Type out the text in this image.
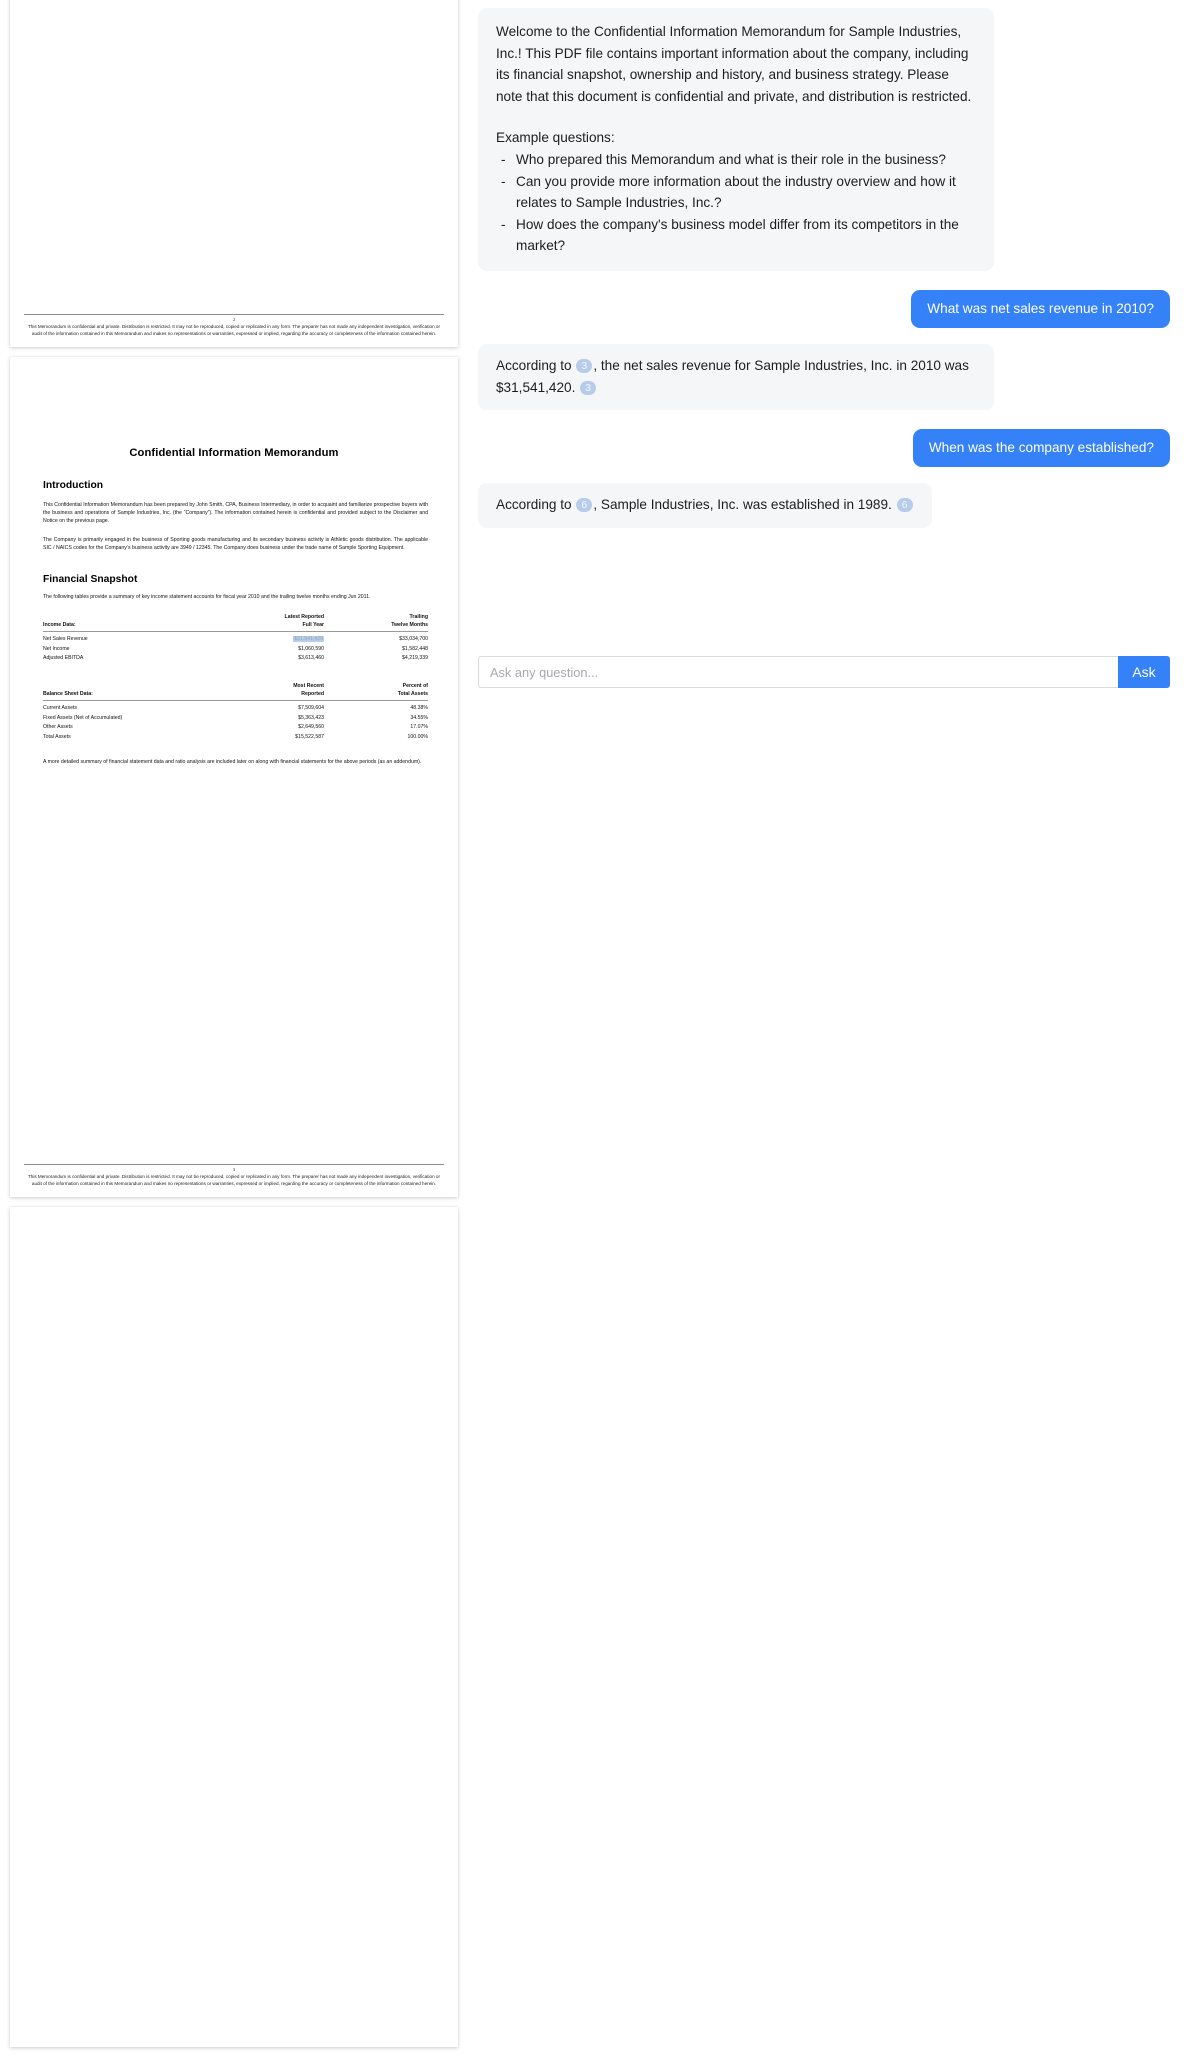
2
This Memorandum is confidential and private. Distribution is restricted. It may not be reproduced, copied or replicated in any form. The preparer has not made any independent investigation, verification or audit of the information contained in this Memorandum and makes no representations or warranties, expressed or implied, regarding the accuracy or completeness of the information contained herein.
Confidential Information Memorandum
Introduction

This Confidential Information Memorandum has been prepared by John Smith, CPA, Business Intermediary, in order to acquaint and familiarize prospective buyers with the business and operations of Sample Industries, Inc. (the “Company”). The information contained herein is confidential and provided subject to the Disclaimer and Notice on the previous page.

The Company is primarily engaged in the business of Sporting goods manufacturing and its secondary business activity is Athletic goods distribution. The applicable SIC / NAICS codes for the Company’s business activity are 3949 / 12345. The Company does business under the trade name of Sample Sporting Equipment.

Financial Snapshot

The following tables provide a summary of key income statement accounts for fiscal year 2010 and the trailing twelve months ending Jun 2011.

	Latest Reported	Trailing
Income Data:	Full Year	Twelve Months
Net Sales Revenue	$31,541,420	$33,034,700
Net Income	$1,060,590	$1,582,448
Adjusted EBITDA	$3,613,460	$4,219,339
	Most Recent	Percent of
Balance Sheet Data:	Reported	Total Assets
Current Assets	$7,509,604	48.38%
Fixed Assets (Net of Accumulated)	$5,363,423	34.55%
Other Assets	$2,649,560	17.07%
Total Assets	$15,522,587	100.00%

A more detailed summary of financial statement data and ratio analysis are included later on along with financial statements for the above periods (as an addendum).

3
This Memorandum is confidential and private. Distribution is restricted. It may not be reproduced, copied or replicated in any form. The preparer has not made any independent investigation, verification or audit of the information contained in this Memorandum and makes no representations or warranties, expressed or implied, regarding the accuracy or completeness of the information contained herein.
Welcome to the Confidential Information Memorandum for Sample Industries, Inc.! This PDF file contains important information about the company, including its financial snapshot, ownership and history, and business strategy. Please note that this document is confidential and private, and distribution is restricted.
Example questions:
- Who prepared this Memorandum and what is their role in the business?
- Can you provide more information about the industry overview and how it relates to Sample Industries, Inc.?
- How does the company's business model differ from its competitors in the market?
What was net sales revenue in 2010?
According to 3 , the net sales revenue for Sample Industries, Inc. in 2010 was $31,541,420. 3
When was the company established?
According to 6 , Sample Industries, Inc. was established in 1989. 6
Ask any question...
Ask
